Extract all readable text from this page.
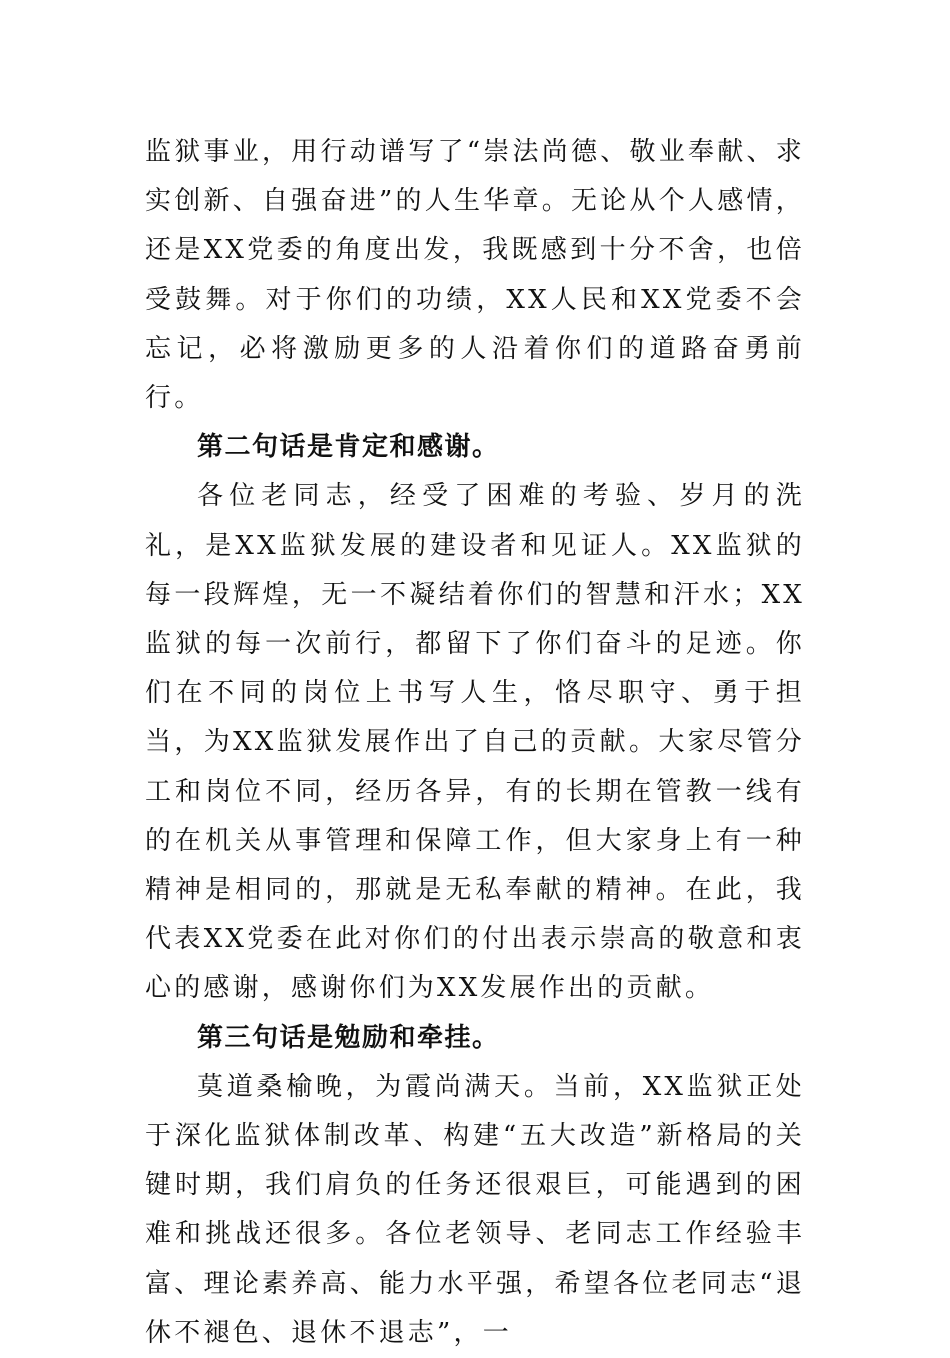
监狱事业，用行动谱写了“崇法尚德、敬业奉献、求实创新、自强奋进”的人生华章。无论从个人感情，还是XX党委的角度出发，我既感到十分不舍，也倍受鼓舞。对于你们的功绩，XX人民和XX党委不会忘记，必将激励更多的人沿着你们的道路奋勇前行。

第二句话是肯定和感谢。

各位老同志，经受了困难的考验、岁月的洗礼，是XX监狱发展的建设者和见证人。XX监狱的每一段辉煌，无一不凝结着你们的智慧和汗水；XX监狱的每一次前行，都留下了你们奋斗的足迹。你们在不同的岗位上书写人生，恪尽职守、勇于担当，为XX监狱发展作出了自己的贡献。大家尽管分工和岗位不同，经历各异，有的长期在管教一线有的在机关从事管理和保障工作，但大家身上有一种精神是相同的，那就是无私奉献的精神。在此，我代表XX党委在此对你们的付出表示崇高的敬意和衷心的感谢，感谢你们为XX发展作出的贡献。

第三句话是勉励和牵挂。

莫道桑榆晚，为霞尚满天。当前，XX监狱正处于深化监狱体制改革、构建“五大改造”新格局的关键时期，我们肩负的任务还很艰巨，可能遇到的困难和挑战还很多。各位老领导、老同志工作经验丰富、理论素养高、能力水平强，希望各位老同志“退休不褪色、退休不退志”，一
